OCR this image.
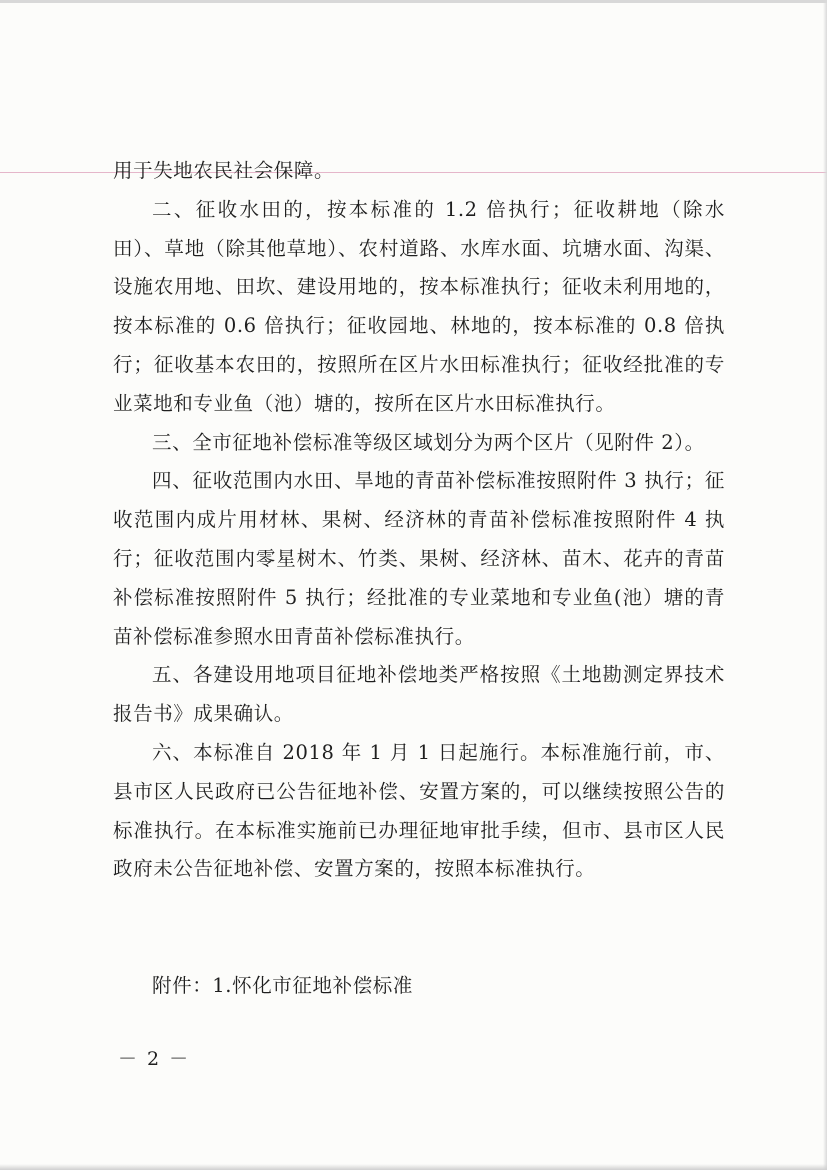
用于失地农民社会保障。

二、征收水田的，按本标准的 1.2 倍执行；征收耕地（除水田）、草地（除其他草地）、农村道路、水库水面、坑塘水面、沟渠、设施农用地、田坎、建设用地的，按本标准执行；征收未利用地的，按本标准的 0.6 倍执行；征收园地、林地的，按本标准的 0.8 倍执行；征收基本农田的，按照所在区片水田标准执行；征收经批准的专业菜地和专业鱼（池）塘的，按所在区片水田标准执行。

三、全市征地补偿标准等级区域划分为两个区片（见附件 2）。

四、征收范围内水田、旱地的青苗补偿标准按照附件 3 执行；征收范围内成片用材林、果树、经济林的青苗补偿标准按照附件 4 执行；征收范围内零星树木、竹类、果树、经济林、苗木、花卉的青苗补偿标准按照附件 5 执行；经批准的专业菜地和专业鱼(池）塘的青苗补偿标准参照水田青苗补偿标准执行。

五、各建设用地项目征地补偿地类严格按照《土地勘测定界技术报告书》成果确认。

六、本标准自 2018 年 1 月 1 日起施行。本标准施行前，市、县市区人民政府已公告征地补偿、安置方案的，可以继续按照公告的标准执行。在本标准实施前已办理征地审批手续，但市、县市区人民政府未公告征地补偿、安置方案的，按照本标准执行。

附件：1.怀化市征地补偿标准

－ 2 －
